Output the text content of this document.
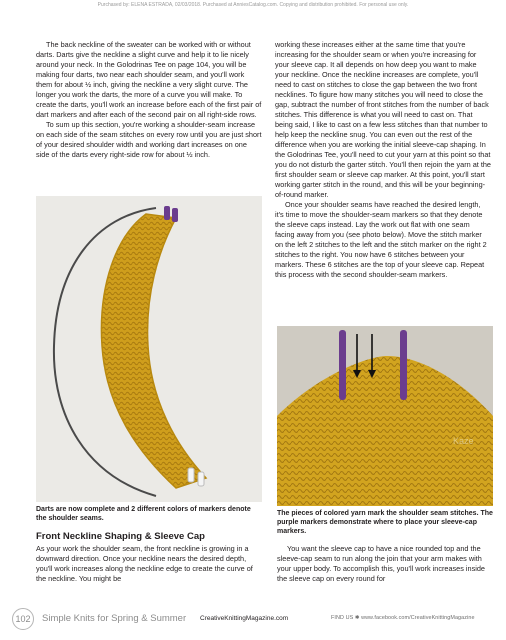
Purchased by: ELENA ESTRADA, 02/03/2018. Purchased at AnniesCatalog.com. Copying and distribution prohibited. For personal use only.

The back neckline of the sweater can be worked with or without darts. Darts give the neckline a slight curve and help it to lie nicely around your neck. In the Golodrinas Tee on page 104, you will be making four darts, two near each shoulder seam, and you'll work them for about ½ inch, giving the neckline a very slight curve. The longer you work the darts, the more of a curve you will make. To create the darts, you'll work an increase before each of the first pair of dart markers and after each of the second pair on all right-side rows.

To sum up this section, you're working a shoulder-seam increase on each side of the seam stitches on every row until you are just short of your desired shoulder width and working dart increases on one side of the darts every right-side row for about ½ inch.

working these increases either at the same time that you're increasing for the shoulder seam or when you're increasing for your sleeve cap. It all depends on how deep you want to make your neckline. Once the neckline increases are complete, you'll need to cast on stitches to close the gap between the two front necklines. To figure how many stitches you will need to close the gap, subtract the number of front stitches from the number of back stitches. This difference is what you will need to cast on. That being said, I like to cast on a few less stitches than that number to help keep the neckline snug. You can even out the rest of the difference when you are working the initial sleeve-cap shaping. In the Golodrinas Tee, you'll need to cut your yarn at this point so that you do not disturb the garter stitch. You'll then rejoin the yarn at the first shoulder seam or sleeve cap marker. At this point, you'll start working garter stitch in the round, and this will be your beginning-of-round marker.

Once your shoulder seams have reached the desired length, it's time to move the shoulder-seam markers so that they denote the sleeve caps instead. Lay the work out flat with one seam facing away from you (see photo below). Move the stitch marker on the left 2 stitches to the left and the stitch marker on the right 2 stitches to the right. You now have 6 stitches between your markers. These 6 stitches are the top of your sleeve cap. Repeat this process with the second shoulder-seam markers.

Darts are now complete and 2 different colors of markers denote the shoulder seams.
Kaze
The pieces of colored yarn mark the shoulder seam stitches. The purple markers demonstrate where to place your sleeve-cap markers.
Front Neckline Shaping & Sleeve Cap

As your work the shoulder seam, the front neckline is growing in a downward direction. Once your neckline nears the desired depth, you'll work increases along the neckline edge to create the curve of the neckline. You might be

You want the sleeve cap to have a nice rounded top and the sleeve-cap seam to run along the join that your arm makes with your upper body. To accomplish this, you'll work increases inside the sleeve cap on every round for

102	Simple Knits for Spring & Summer CreativeKnittingMagazine.com	FIND US ✱ www.facebook.com/CreativeKnittingMagazine
